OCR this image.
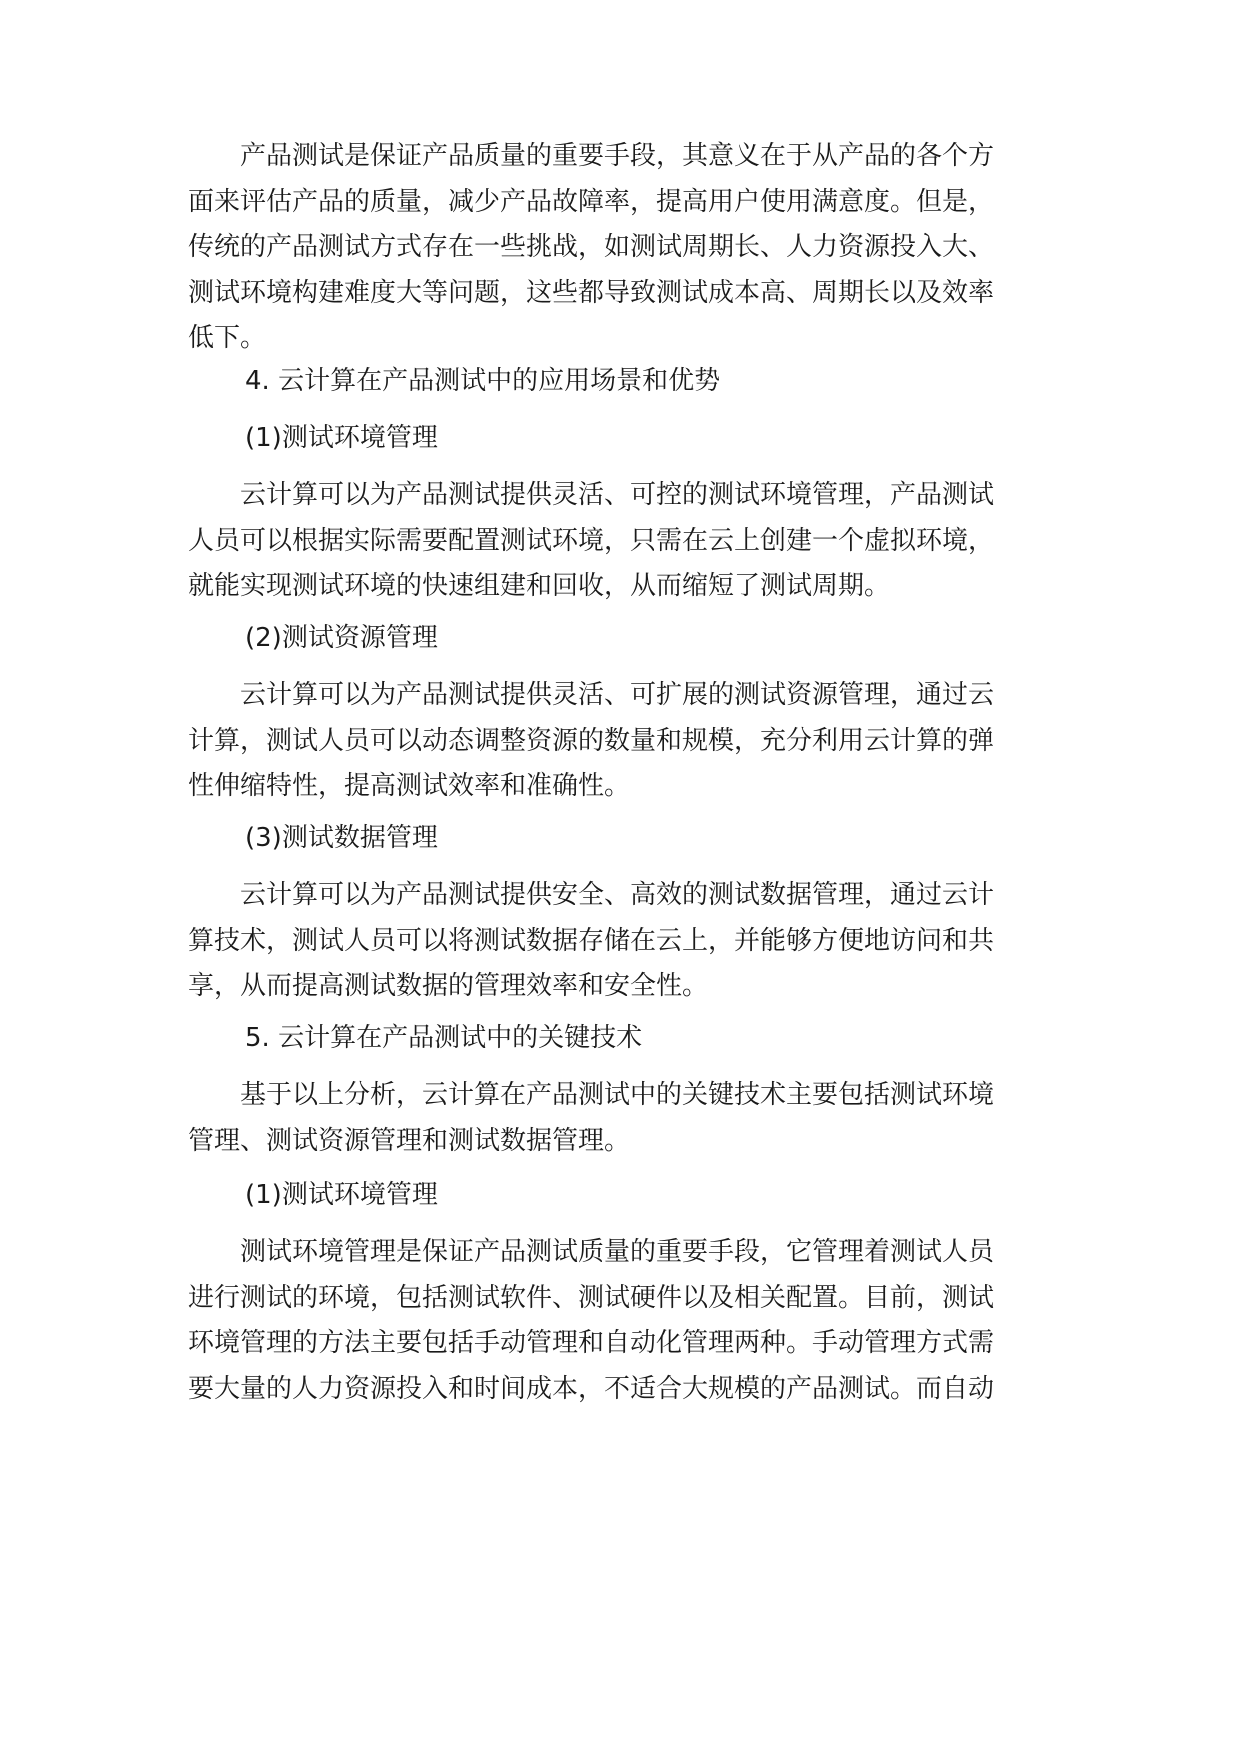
　　产品测试是保证产品质量的重要手段，其意义在于从产品的各个方
面来评估产品的质量，减少产品故障率，提高用户使用满意度。但是，
传统的产品测试方式存在一些挑战，如测试周期长、人力资源投入大、
测试环境构建难度大等问题，这些都导致测试成本高、周期长以及效率
低下。
4. 云计算在产品测试中的应用场景和优势
(1)测试环境管理
　　云计算可以为产品测试提供灵活、可控的测试环境管理，产品测试
人员可以根据实际需要配置测试环境，只需在云上创建一个虚拟环境，
就能实现测试环境的快速组建和回收，从而缩短了测试周期。
(2)测试资源管理
　　云计算可以为产品测试提供灵活、可扩展的测试资源管理，通过云
计算，测试人员可以动态调整资源的数量和规模，充分利用云计算的弹
性伸缩特性，提高测试效率和准确性。
(3)测试数据管理
　　云计算可以为产品测试提供安全、高效的测试数据管理，通过云计
算技术，测试人员可以将测试数据存储在云上，并能够方便地访问和共
享，从而提高测试数据的管理效率和安全性。
5. 云计算在产品测试中的关键技术
　　基于以上分析，云计算在产品测试中的关键技术主要包括测试环境
管理、测试资源管理和测试数据管理。
(1)测试环境管理
　　测试环境管理是保证产品测试质量的重要手段，它管理着测试人员
进行测试的环境，包括测试软件、测试硬件以及相关配置。目前，测试
环境管理的方法主要包括手动管理和自动化管理两种。手动管理方式需
要大量的人力资源投入和时间成本，不适合大规模的产品测试。而自动
